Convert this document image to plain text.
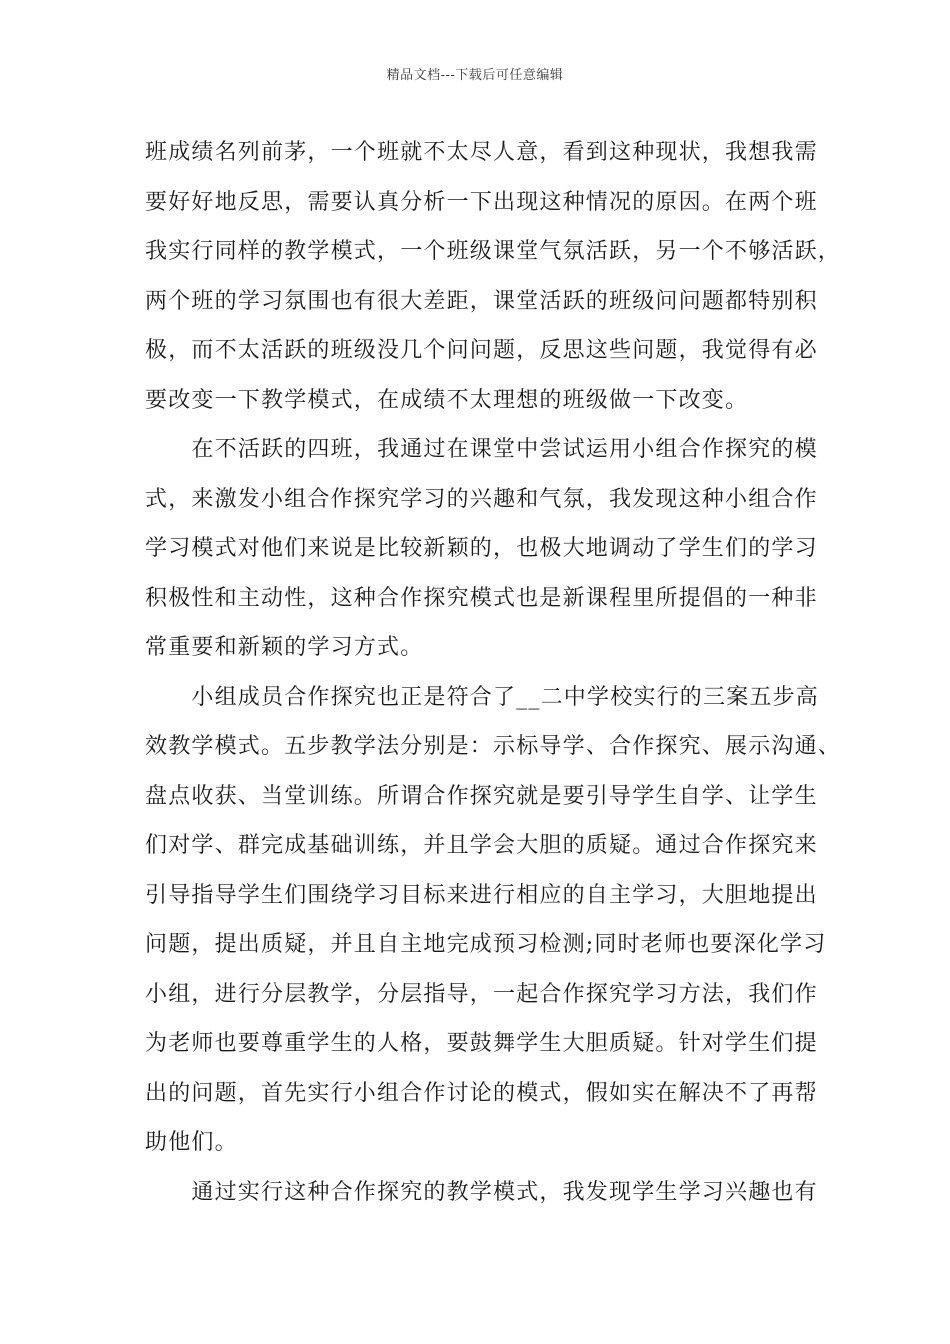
精品文档---下载后可任意编辑
班成绩名列前茅，一个班就不太尽人意，看到这种现状，我想我需
要好好地反思，需要认真分析一下出现这种情况的原因。在两个班
我实行同样的教学模式，一个班级课堂气氛活跃，另一个不够活跃，
两个班的学习氛围也有很大差距，课堂活跃的班级问问题都特别积
极，而不太活跃的班级没几个问问题，反思这些问题，我觉得有必
要改变一下教学模式，在成绩不太理想的班级做一下改变。
　　在不活跃的四班，我通过在课堂中尝试运用小组合作探究的模
式，来激发小组合作探究学习的兴趣和气氛，我发现这种小组合作
学习模式对他们来说是比较新颖的，也极大地调动了学生们的学习
积极性和主动性，这种合作探究模式也是新课程里所提倡的一种非
常重要和新颖的学习方式。
　　小组成员合作探究也正是符合了__二中学校实行的三案五步高
效教学模式。五步教学法分别是：示标导学、合作探究、展示沟通、
盘点收获、当堂训练。所谓合作探究就是要引导学生自学、让学生
们对学、群完成基础训练，并且学会大胆的质疑。通过合作探究来
引导指导学生们围绕学习目标来进行相应的自主学习，大胆地提出
问题，提出质疑，并且自主地完成预习检测;同时老师也要深化学习
小组，进行分层教学，分层指导，一起合作探究学习方法，我们作
为老师也要尊重学生的人格，要鼓舞学生大胆质疑。针对学生们提
出的问题，首先实行小组合作讨论的模式，假如实在解决不了再帮
助他们。
　　通过实行这种合作探究的教学模式，我发现学生学习兴趣也有
